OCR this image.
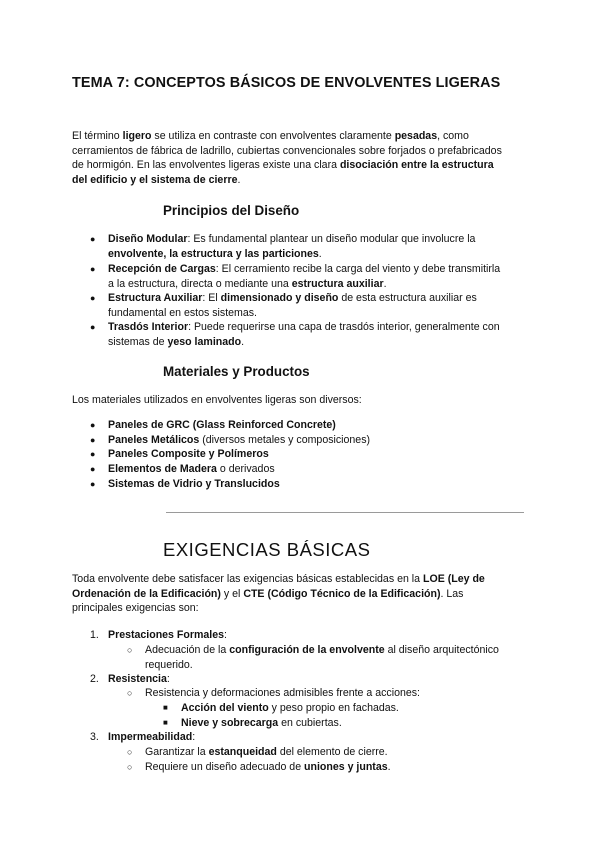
TEMA 7: CONCEPTOS BÁSICOS DE ENVOLVENTES LIGERAS
El término ligero se utiliza en contraste con envolventes claramente pesadas, como
cerramientos de fábrica de ladrillo, cubiertas convencionales sobre forjados o prefabricados
de hormigón. En las envolventes ligeras existe una clara disociación entre la estructura
del edificio y el sistema de cierre.
Principios del Diseño
● Diseño Modular: Es fundamental plantear un diseño modular que involucre la
envolvente, la estructura y las particiones.
● Recepción de Cargas: El cerramiento recibe la carga del viento y debe transmitirla
a la estructura, directa o mediante una estructura auxiliar.
● Estructura Auxiliar: El dimensionado y diseño de esta estructura auxiliar es
fundamental en estos sistemas.
● Trasdós Interior: Puede requerirse una capa de trasdós interior, generalmente con
sistemas de yeso laminado.
Materiales y Productos
Los materiales utilizados en envolventes ligeras son diversos:
● Paneles de GRC (Glass Reinforced Concrete)
● Paneles Metálicos (diversos metales y composiciones)
● Paneles Composite y Polímeros
● Elementos de Madera o derivados
● Sistemas de Vidrio y Translucidos
EXIGENCIAS BÁSICAS
Toda envolvente debe satisfacer las exigencias básicas establecidas en la LOE (Ley de
Ordenación de la Edificación) y el CTE (Código Técnico de la Edificación). Las
principales exigencias son:
1. Prestaciones Formales:
○ Adecuación de la configuración de la envolvente al diseño arquitectónico
requerido.
2. Resistencia:
○ Resistencia y deformaciones admisibles frente a acciones:
■ Acción del viento y peso propio en fachadas.
■ Nieve y sobrecarga en cubiertas.
3. Impermeabilidad:
○ Garantizar la estanqueidad del elemento de cierre.
○ Requiere un diseño adecuado de uniones y juntas.
